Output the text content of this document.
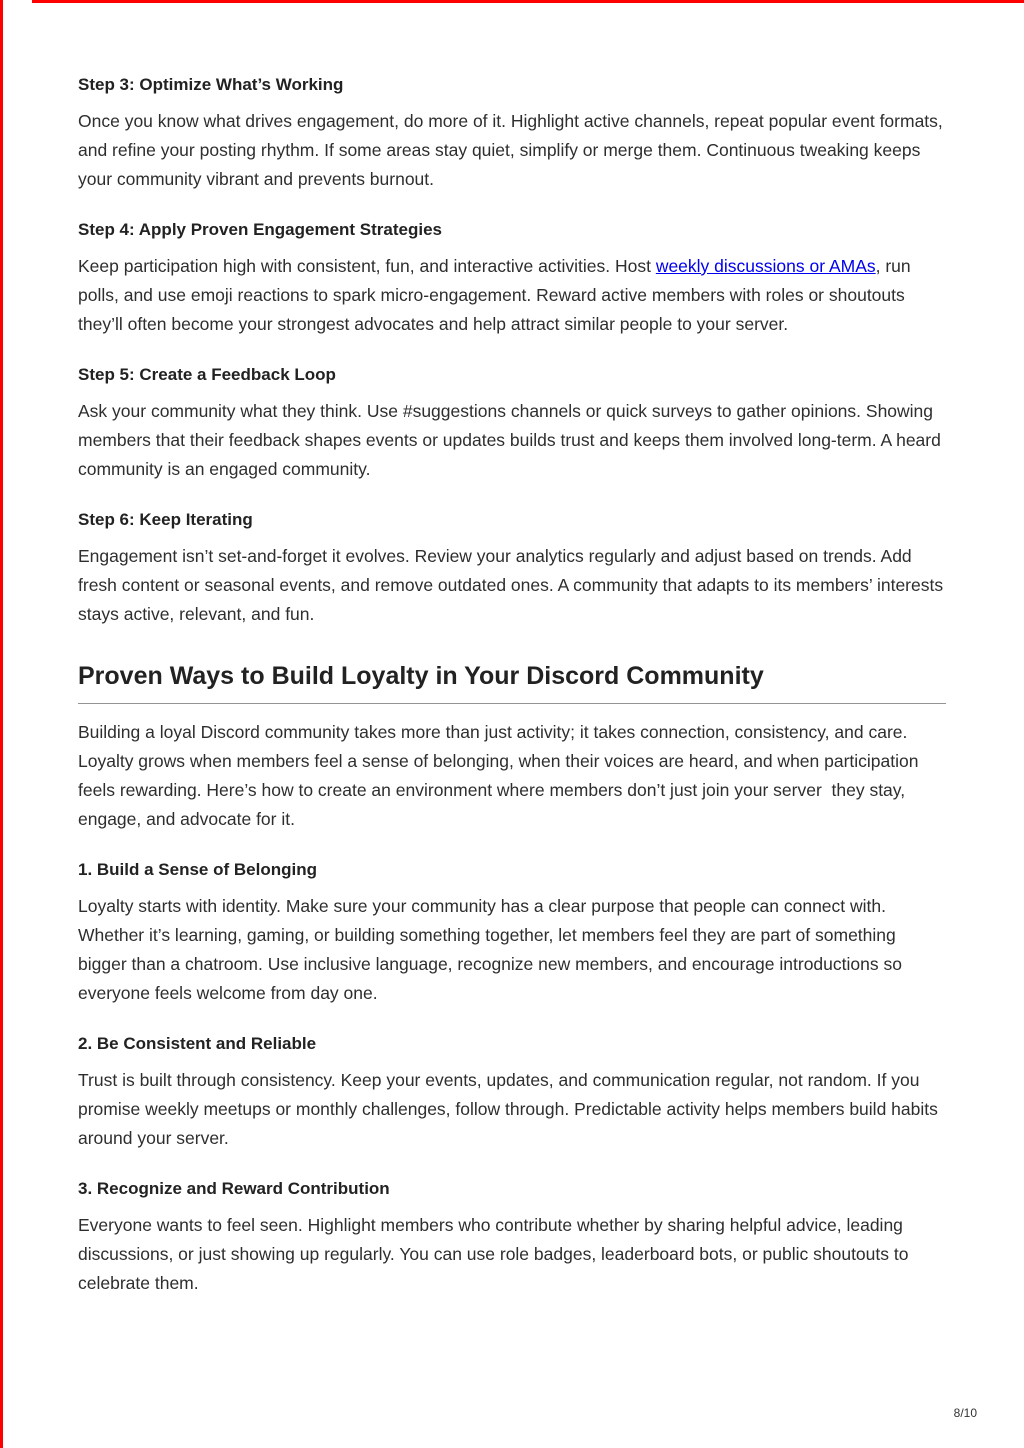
Step 3: Optimize What’s Working

Once you know what drives engagement, do more of it. Highlight active channels, repeat popular event formats, and refine your posting rhythm. If some areas stay quiet, simplify or merge them. Continuous tweaking keeps your community vibrant and prevents burnout.

Step 4: Apply Proven Engagement Strategies

Keep participation high with consistent, fun, and interactive activities. Host weekly discussions or AMAs, run polls, and use emoji reactions to spark micro-engagement. Reward active members with roles or shoutouts they’ll often become your strongest advocates and help attract similar people to your server.

Step 5: Create a Feedback Loop

Ask your community what they think. Use #suggestions channels or quick surveys to gather opinions. Showing members that their feedback shapes events or updates builds trust and keeps them involved long-term. A heard community is an engaged community.

Step 6: Keep Iterating

Engagement isn’t set-and-forget it evolves. Review your analytics regularly and adjust based on trends. Add fresh content or seasonal events, and remove outdated ones. A community that adapts to its members’ interests stays active, relevant, and fun.

Proven Ways to Build Loyalty in Your Discord Community

Building a loyal Discord community takes more than just activity; it takes connection, consistency, and care. Loyalty grows when members feel a sense of belonging, when their voices are heard, and when participation feels rewarding. Here’s how to create an environment where members don’t just join your server  they stay, engage, and advocate for it.

1. Build a Sense of Belonging

Loyalty starts with identity. Make sure your community has a clear purpose that people can connect with. Whether it’s learning, gaming, or building something together, let members feel they are part of something bigger than a chatroom. Use inclusive language, recognize new members, and encourage introductions so everyone feels welcome from day one.

2. Be Consistent and Reliable

Trust is built through consistency. Keep your events, updates, and communication regular, not random. If you promise weekly meetups or monthly challenges, follow through. Predictable activity helps members build habits around your server.

3. Recognize and Reward Contribution

Everyone wants to feel seen. Highlight members who contribute whether by sharing helpful advice, leading discussions, or just showing up regularly. You can use role badges, leaderboard bots, or public shoutouts to celebrate them.

8/10
